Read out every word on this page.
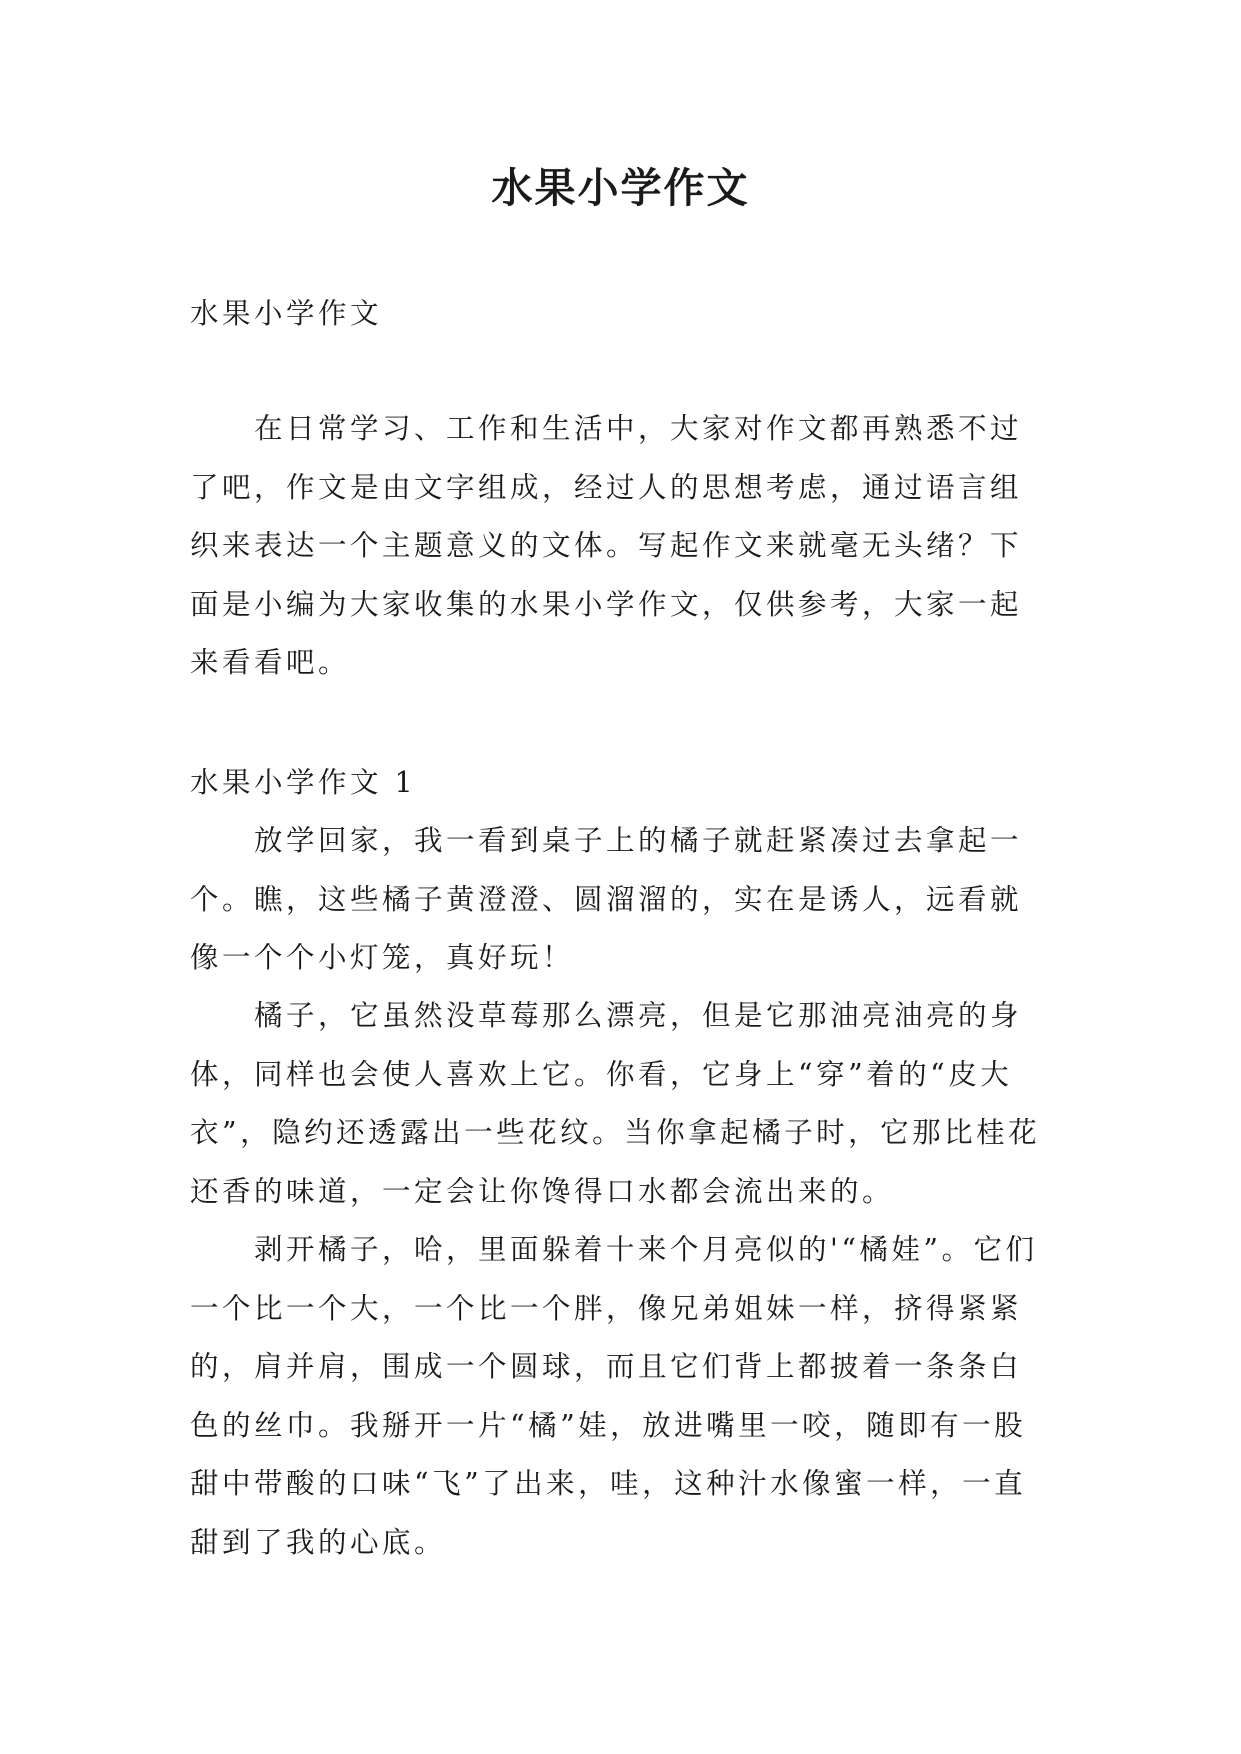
水果小学作文

水果小学作文

在日常学习、工作和生活中，大家对作文都再熟悉不过了吧，作文是由文字组成，经过人的思想考虑，通过语言组织来表达一个主题意义的文体。写起作文来就毫无头绪？下面是小编为大家收集的水果小学作文，仅供参考，大家一起来看看吧。

水果小学作文 1

放学回家，我一看到桌子上的橘子就赶紧凑过去拿起一个。瞧，这些橘子黄澄澄、圆溜溜的，实在是诱人，远看就像一个个小灯笼，真好玩！

橘子，它虽然没草莓那么漂亮，但是它那油亮油亮的身体，同样也会使人喜欢上它。你看，它身上“穿”着的“皮大衣”，隐约还透露出一些花纹。当你拿起橘子时，它那比桂花还香的味道，一定会让你馋得口水都会流出来的。

剥开橘子，哈，里面躲着十来个月亮似的'“橘娃”。它们一个比一个大，一个比一个胖，像兄弟姐妹一样，挤得紧紧的，肩并肩，围成一个圆球，而且它们背上都披着一条条白色的丝巾。我掰开一片“橘”娃，放进嘴里一咬，随即有一股甜中带酸的口味“飞”了出来，哇，这种汁水像蜜一样，一直甜到了我的心底。
